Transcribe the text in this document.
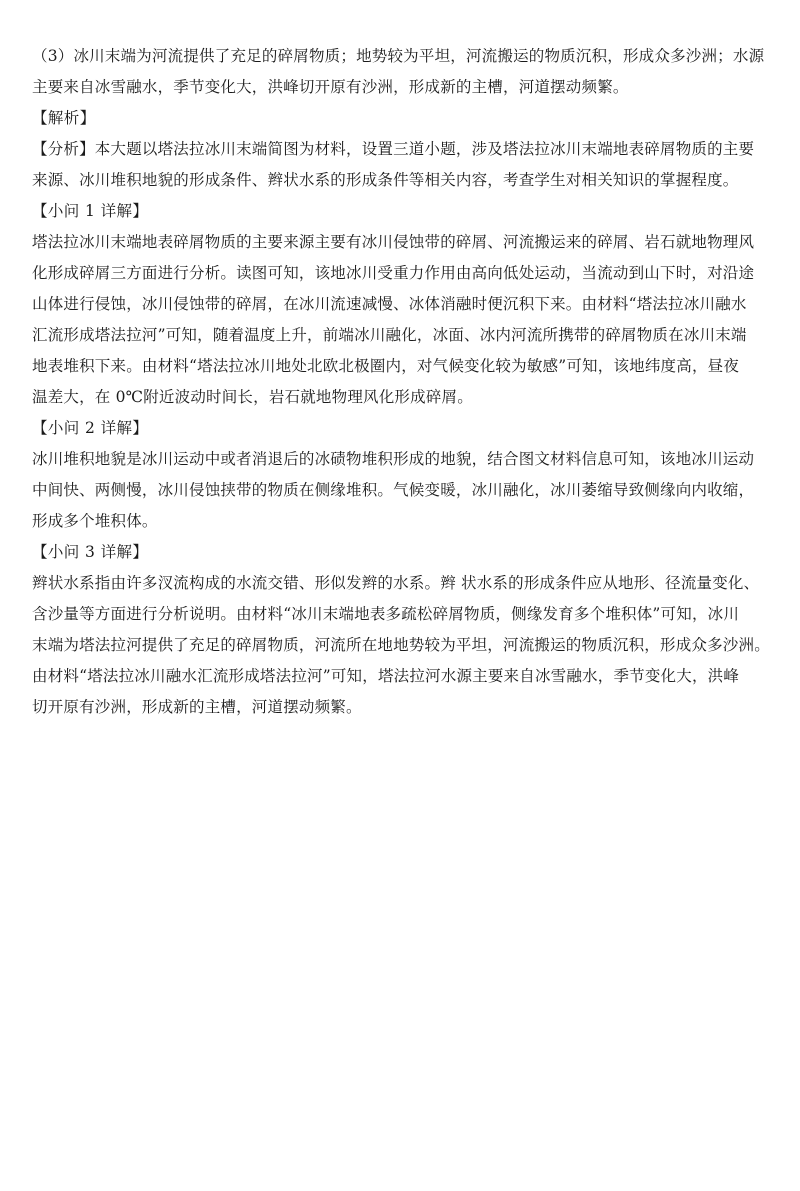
（3）冰川末端为河流提供了充足的碎屑物质；地势较为平坦，河流搬运的物质沉积，形成众多沙洲；水源
主要来自冰雪融水，季节变化大，洪峰切开原有沙洲，形成新的主槽，河道摆动频繁。
【解析】
【分析】本大题以塔法拉冰川末端简图为材料，设置三道小题，涉及塔法拉冰川末端地表碎屑物质的主要
来源、冰川堆积地貌的形成条件、辫状水系的形成条件等相关内容，考查学生对相关知识的掌握程度。
【小问 1 详解】
塔法拉冰川末端地表碎屑物质的主要来源主要有冰川侵蚀带的碎屑、河流搬运来的碎屑、岩石就地物理风
化形成碎屑三方面进行分析。读图可知，该地冰川受重力作用由高向低处运动，当流动到山下时，对沿途
山体进行侵蚀，冰川侵蚀带的碎屑，在冰川流速减慢、冰体消融时便沉积下来。由材料“塔法拉冰川融水
汇流形成塔法拉河”可知，随着温度上升，前端冰川融化，冰面、冰内河流所携带的碎屑物质在冰川末端
地表堆积下来。由材料“塔法拉冰川地处北欧北极圈内，对气候变化较为敏感”可知，该地纬度高，昼夜
温差大，在 0℃附近波动时间长，岩石就地物理风化形成碎屑。
【小问 2 详解】
冰川堆积地貌是冰川运动中或者消退后的冰碛物堆积形成的地貌，结合图文材料信息可知，该地冰川运动
中间快、两侧慢，冰川侵蚀挟带的物质在侧缘堆积。气候变暖，冰川融化，冰川萎缩导致侧缘向内收缩，
形成多个堆积体。
【小问 3 详解】
辫状水系指由许多汊流构成的水流交错、形似发辫的水系。辫 状水系的形成条件应从地形、径流量变化、
含沙量等方面进行分析说明。由材料“冰川末端地表多疏松碎屑物质，侧缘发育多个堆积体”可知，冰川
末端为塔法拉河提供了充足的碎屑物质，河流所在地地势较为平坦，河流搬运的物质沉积，形成众多沙洲。
由材料“塔法拉冰川融水汇流形成塔法拉河”可知，塔法拉河水源主要来自冰雪融水，季节变化大，洪峰
切开原有沙洲，形成新的主槽，河道摆动频繁。
